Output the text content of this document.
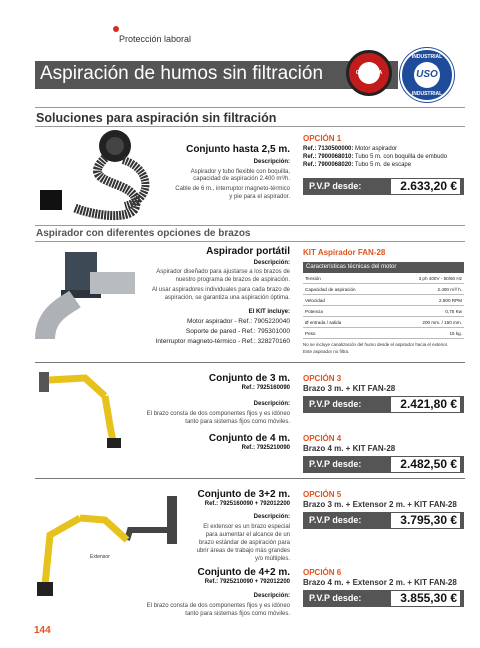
Protección laboral
Aspiración de humos sin filtración	GARANTÍA
INDUSTRIAL
USO
INDUSTRIAL
Soluciones para aspiración sin filtración
Conjunto hasta 2,5 m.
Descripción:
Aspirador y tubo flexible con boquilla,
capacidad de aspiración 2.400 m³/h.
Cable de 6 m., interruptor magneto-térmico
y pie para el aspirador.
OPCIÓN 1
Ref.: 7130500000: Motor aspirador
Ref.: 7900068010: Tubo 5 m. con boquilla de embudo
Ref.: 7900068020: Tubo 5 m. de escape
P.V.P desde:	2.633,20 €
Aspirador con diferentes opciones de brazos
Aspirador portátil
Descripción:
Aspirador diseñado para ajustarse a los brazos de
nuestro programa de brazos de aspiración.
Al usar aspiradores individuales para cada brazo de
aspiración, se garantiza una aspiración óptima.
El KIT incluye:
Motor aspirador - Ref.: 7905220040
Soporte de pared - Ref.: 795301000
Interruptor magneto-térmico - Ref.: 328270160
KIT Aspirador FAN-28
Características técnicas del motor
Tensión	3 ph 400V - 50/60 Hz
Capacidad de aspiración	2.400 m³/ h.
Velocidad	2.800 RPM
Potencia	0,75 Kw
Ø entrada / salida	200 mm. / 160 mm.
Peso	15 kg.
No se incluye canalización del humo desde el aspirador hacia el exterior.
Este aspirador no filtra.
Conjunto de 3 m.
Ref.: 7925160090
Descripción:
El brazo consta de dos componentes fijos y es idóneo
tanto para sistemas fijos como móviles.
OPCIÓN 3
Brazo 3 m. + KIT FAN-28
P.V.P desde:	2.421,80 €
Conjunto de 4 m.
Ref.: 7925210090
OPCIÓN 4
Brazo 4 m. + KIT FAN-28
P.V.P desde:	2.482,50 €
Extensor
Conjunto de 3+2 m.
Ref.: 7925160090 + 792012200
Descripción:
El extensor es un brazo especial
para aumentar el alcance de un
brazo estándar de aspiración para
ubrir áreas de trabajo más grandes
y/o múltiples.
OPCIÓN 5
Brazo 3 m. + Extensor 2 m. + KIT FAN-28
P.V.P desde:	3.795,30 €
Conjunto de 4+2 m.
Ref.: 7925210090 + 792012200
Descripción:
El brazo consta de dos componentes fijos y es idóneo
tanto para sistemas fijos como móviles.
OPCIÓN 6
Brazo 4 m. + Extensor 2 m. + KIT FAN-28
P.V.P desde:	3.855,30 €
144
